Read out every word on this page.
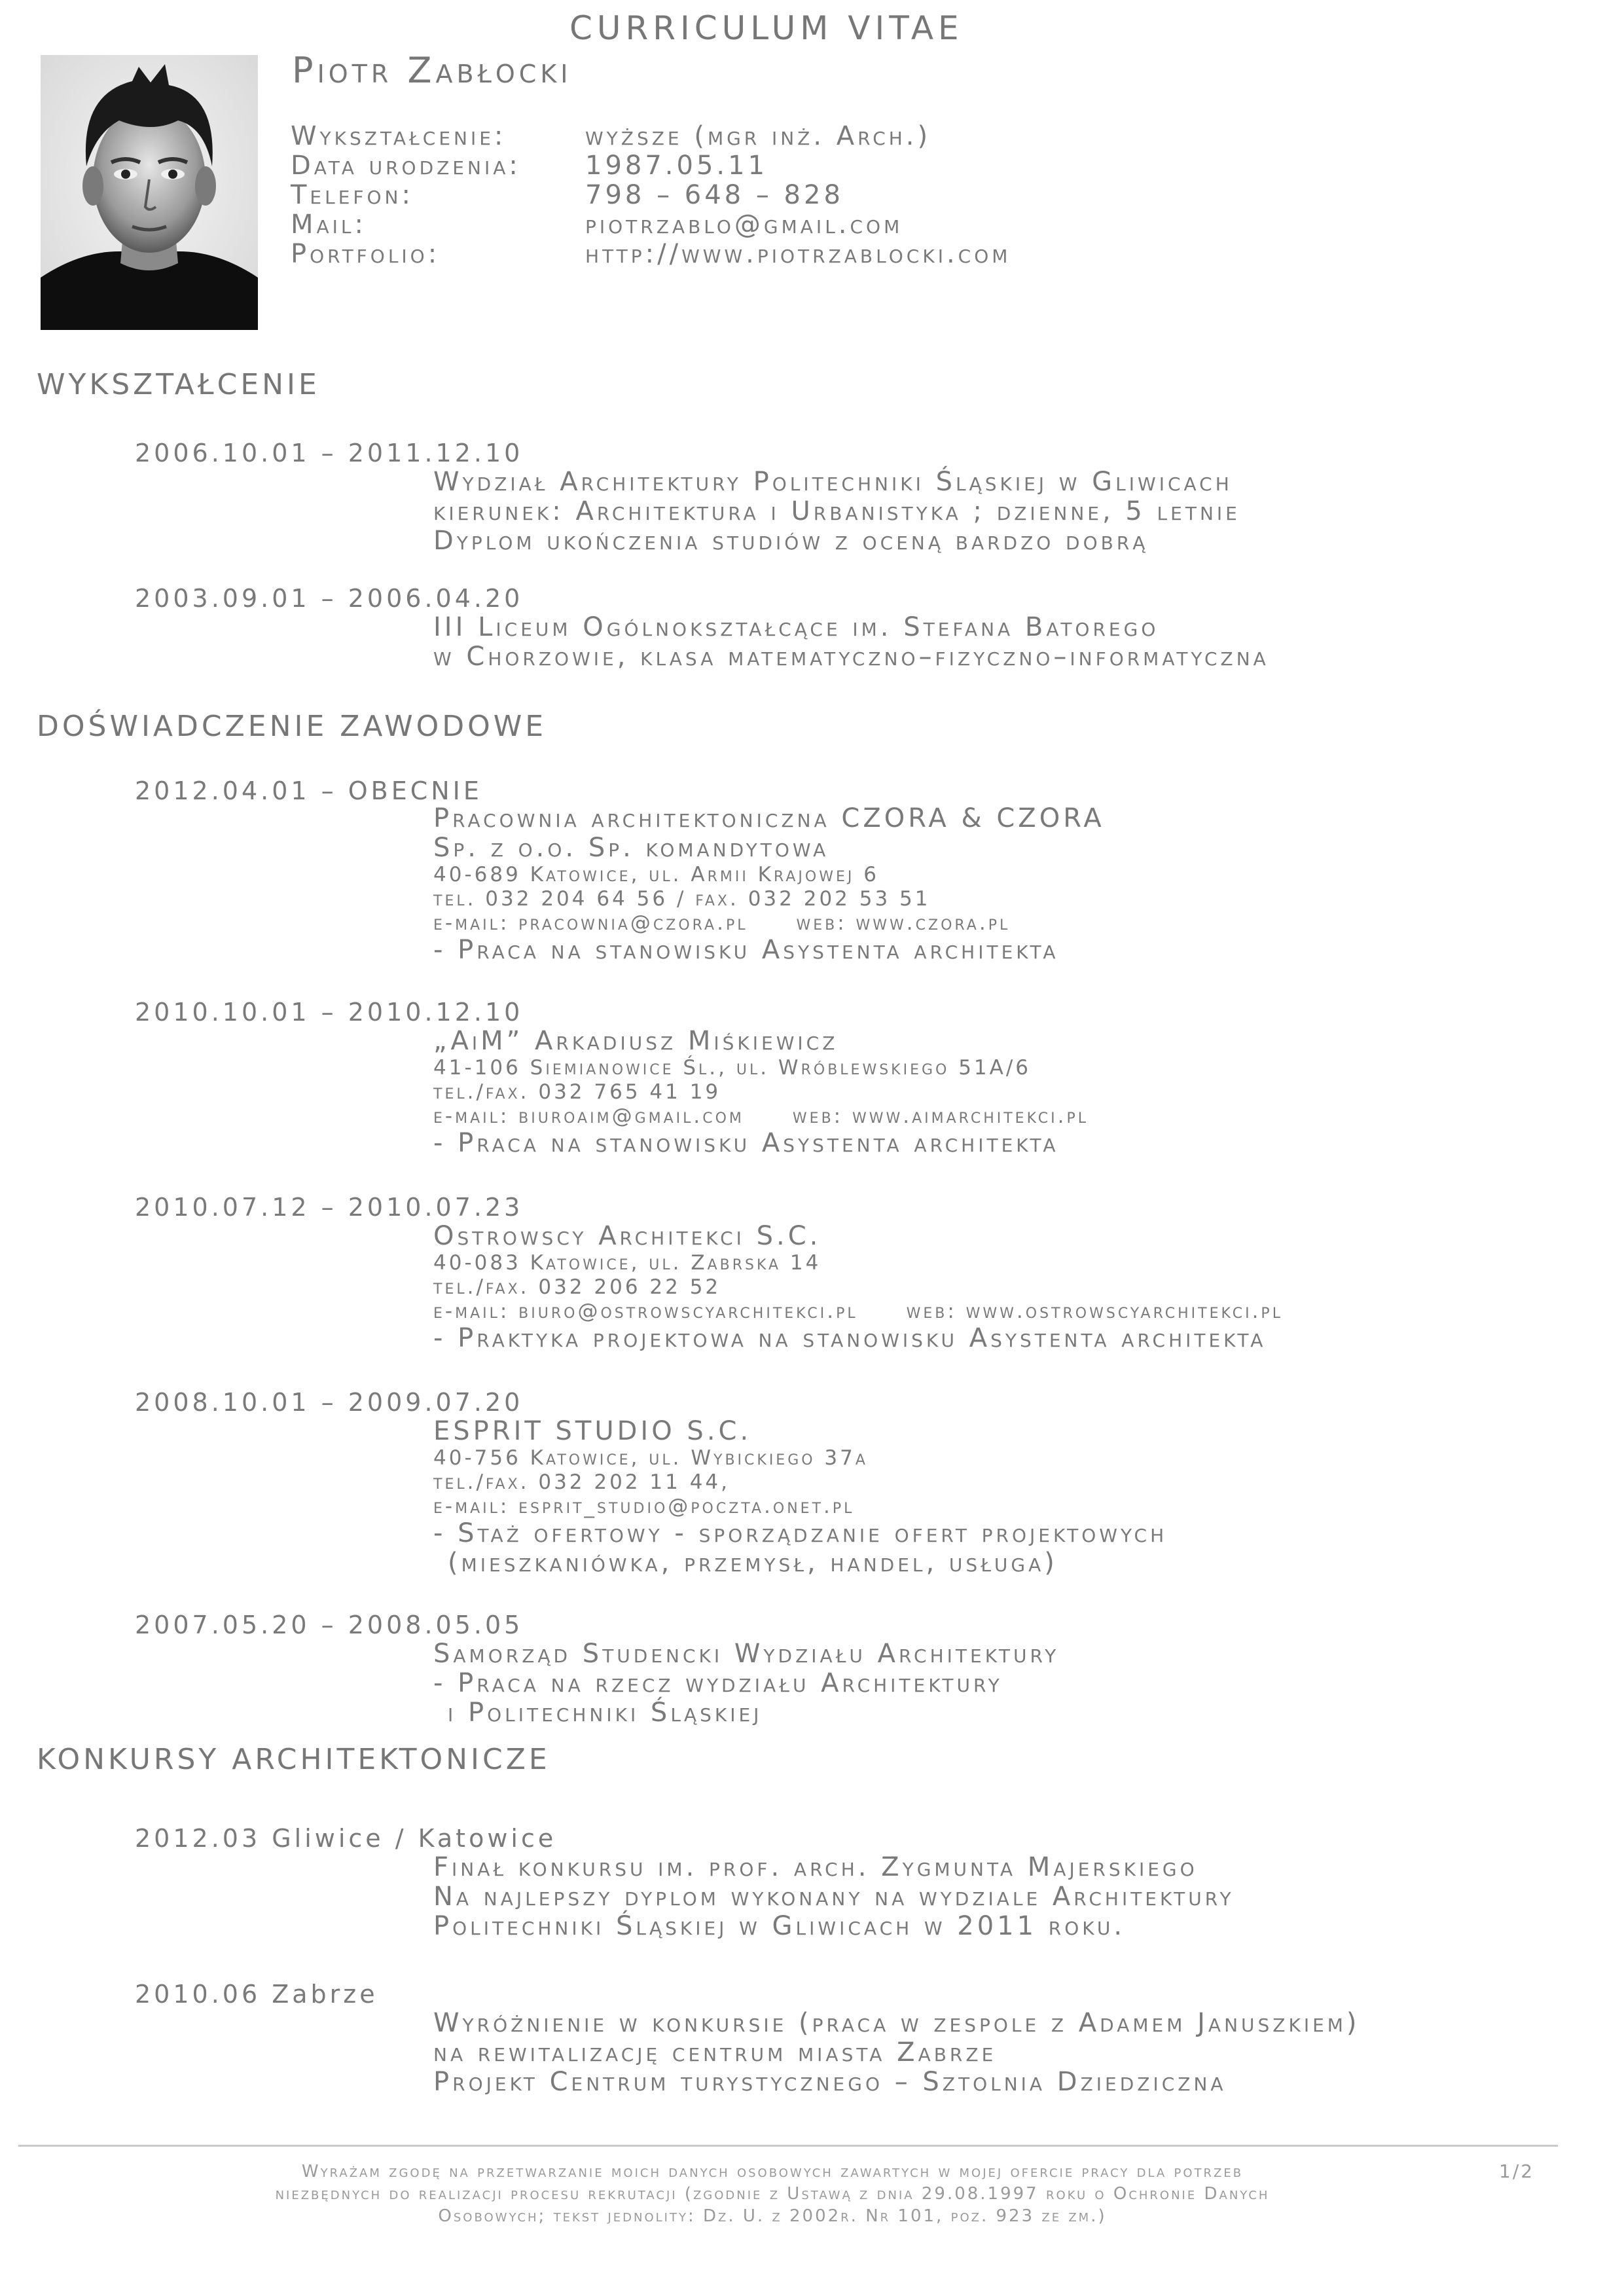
CURRICULUM VITAE
Piotr Zabłocki
Wykształcenie:	wyższe (mgr inż. Arch.)
Data urodzenia: 1987.05.11
Telefon:	798 – 648 – 828
Mail:	piotrzablo@gmail.com
Portfolio:	http://www.piotrzablocki.com
WYKSZTAŁCENIE
2006.10.01 – 2011.12.10
Wydział Architektury Politechniki Śląskiej w Gliwicach
kierunek: Architektura i Urbanistyka ; dzienne, 5 letnie
Dyplom ukończenia studiów z oceną bardzo dobrą
2003.09.01 – 2006.04.20
III Liceum Ogólnokształcące im. Stefana Batorego
w Chorzowie, klasa matematyczno–fizyczno–informatyczna
DOŚWIADCZENIE ZAWODOWE
2012.04.01 – OBECNIE
Pracownia architektoniczna CZORA & CZORA
Sp. z o.o. Sp. komandytowa
40-689 Katowice, ul. Armii Krajowej 6
tel. 032 204 64 56 / fax. 032 202 53 51
e-mail: pracownia@czora.pl web: www.czora.pl
- Praca na stanowisku Asystenta architekta
2010.10.01 – 2010.12.10
„AiM” Arkadiusz Miśkiewicz
41-106 Siemianowice Śl., ul. Wróblewskiego 51A/6
tel./fax. 032 765 41 19
e-mail: biuroaim@gmail.com web: www.aimarchitekci.pl
- Praca na stanowisku Asystenta architekta
2010.07.12 – 2010.07.23
Ostrowscy Architekci S.C.
40-083 Katowice, ul. Zabrska 14
tel./fax. 032 206 22 52
e-mail: biuro@ostrowscyarchitekci.pl web: www.ostrowscyarchitekci.pl
- Praktyka projektowa na stanowisku Asystenta architekta
2008.10.01 – 2009.07.20
ESPRIT STUDIO S.C.
40-756 Katowice, ul. Wybickiego 37a
tel./fax. 032 202 11 44,
e-mail: esprit_studio@poczta.onet.pl
- Staż ofertowy - sporządzanie ofert projektowych
(mieszkaniówka, przemysł, handel, usługa)
2007.05.20 – 2008.05.05
Samorząd Studencki Wydziału Architektury
- Praca na rzecz wydziału Architektury
i Politechniki Śląskiej
KONKURSY ARCHITEKTONICZE
2012.03 Gliwice / Katowice
Finał konkursu im. prof. arch. Zygmunta Majerskiego
Na najlepszy dyplom wykonany na wydziale Architektury
Politechniki Śląskiej w Gliwicach w 2011 roku.
2010.06 Zabrze
Wyróżnienie w konkursie (praca w zespole z Adamem Januszkiem)
na rewitalizację centrum miasta Zabrze
Projekt Centrum turystycznego – Sztolnia Dziedziczna
Wyrażam zgodę na przetwarzanie moich danych osobowych zawartych w mojej ofercie pracy dla potrzeb
niezbędnych do realizacji procesu rekrutacji (zgodnie z Ustawą z dnia 29.08.1997 roku o Ochronie Danych
Osobowych; tekst jednolity: Dz. U. z 2002r. Nr 101, poz. 923 ze zm.)
1/2
